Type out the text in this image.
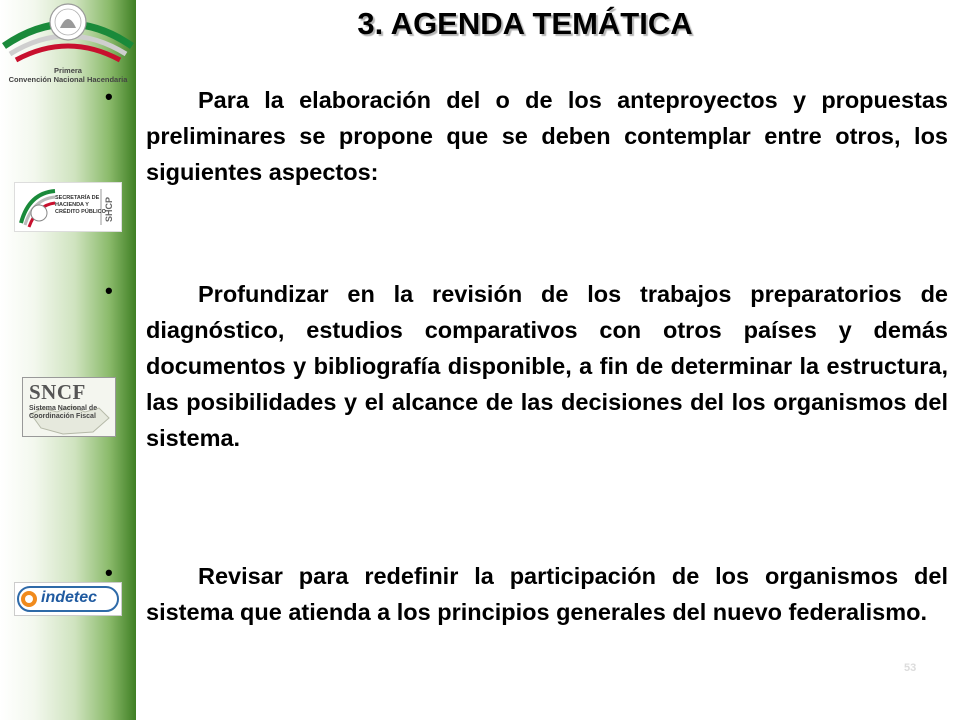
Primera
Convención Nacional Hacendaria
SECRETARÍA DE
HACIENDA Y
CRÉDITO PÚBLICO
SHCP
SNCF
Sistema Nacional de
Coordinación Fiscal
indetec
3. AGENDA TEMÁTICA
•
•
•
Para la elaboración del o de los anteproyectos y propuestas preliminares se propone que se deben contemplar entre otros, los siguientes aspectos:
Profundizar en la revisión de los trabajos preparatorios de diagnóstico, estudios comparativos con otros países y demás documentos y bibliografía disponible, a fin de determinar la estructura, las posibilidades y el alcance de las decisiones del los organismos del sistema.
Revisar para redefinir la participación de los organismos del sistema que atienda a los principios generales del nuevo federalismo.
53
